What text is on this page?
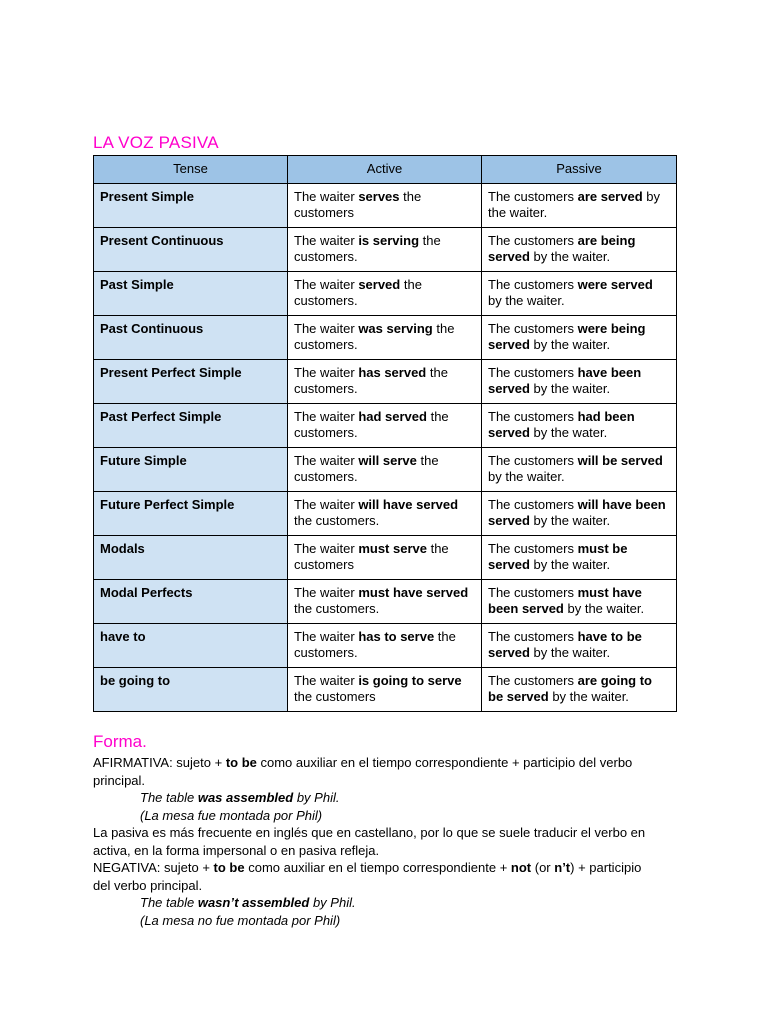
LA VOZ PASIVA
Tense	Active	Passive
Present Simple	The waiter serves the customers	The customers are served by the waiter.
Present Continuous	The waiter is serving the customers.	The customers are being served by the waiter.
Past Simple	The waiter served the customers.	The customers were served by the waiter.
Past Continuous	The waiter was serving the customers.	The customers were being served by the waiter.
Present Perfect Simple	The waiter has served the customers.	The customers have been served by the waiter.
Past Perfect Simple	The waiter had served the customers.	The customers had been served by the water.
Future Simple	The waiter will serve the customers.	The customers will be served by the waiter.
Future Perfect Simple	The waiter will have served the customers.	The customers will have been served by the waiter.
Modals	The waiter must serve the customers	The customers must be served by the waiter.
Modal Perfects	The waiter must have served the customers.	The customers must have been served by the waiter.
have to	The waiter has to serve the customers.	The customers have to be served by the waiter.
be going to	The waiter is going to serve the customers	The customers are going to be served by the waiter.
Forma.

AFIRMATIVA: sujeto + to be como auxiliar en el tiempo correspondiente + participio del verbo principal.

The table was assembled by Phil.

(La mesa fue montada por Phil)

La pasiva es más frecuente en inglés que en castellano, por lo que se suele traducir el verbo en activa, en la forma impersonal o en pasiva refleja.

NEGATIVA: sujeto + to be como auxiliar en el tiempo correspondiente + not (or n’t) + participio del verbo principal.

The table wasn’t assembled by Phil.

(La mesa no fue montada por Phil)
